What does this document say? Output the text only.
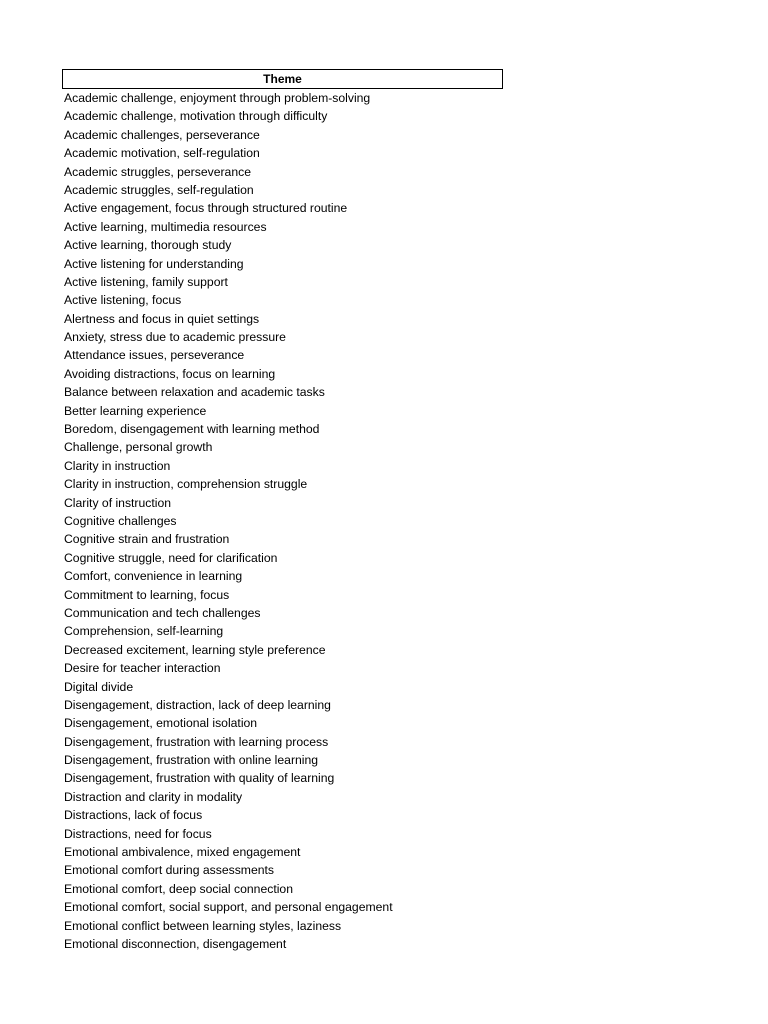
Theme
Academic challenge, enjoyment through problem-solving
Academic challenge, motivation through difficulty
Academic challenges, perseverance
Academic motivation, self-regulation
Academic struggles, perseverance
Academic struggles, self-regulation
Active engagement, focus through structured routine
Active learning, multimedia resources
Active learning, thorough study
Active listening for understanding
Active listening, family support
Active listening, focus
Alertness and focus in quiet settings
Anxiety, stress due to academic pressure
Attendance issues, perseverance
Avoiding distractions, focus on learning
Balance between relaxation and academic tasks
Better learning experience
Boredom, disengagement with learning method
Challenge, personal growth
Clarity in instruction
Clarity in instruction, comprehension struggle
Clarity of instruction
Cognitive challenges
Cognitive strain and frustration
Cognitive struggle, need for clarification
Comfort, convenience in learning
Commitment to learning, focus
Communication and tech challenges
Comprehension, self-learning
Decreased excitement, learning style preference
Desire for teacher interaction
Digital divide
Disengagement, distraction, lack of deep learning
Disengagement, emotional isolation
Disengagement, frustration with learning process
Disengagement, frustration with online learning
Disengagement, frustration with quality of learning
Distraction and clarity in modality
Distractions, lack of focus
Distractions, need for focus
Emotional ambivalence, mixed engagement
Emotional comfort during assessments
Emotional comfort, deep social connection
Emotional comfort, social support, and personal engagement
Emotional conflict between learning styles, laziness
Emotional disconnection, disengagement
